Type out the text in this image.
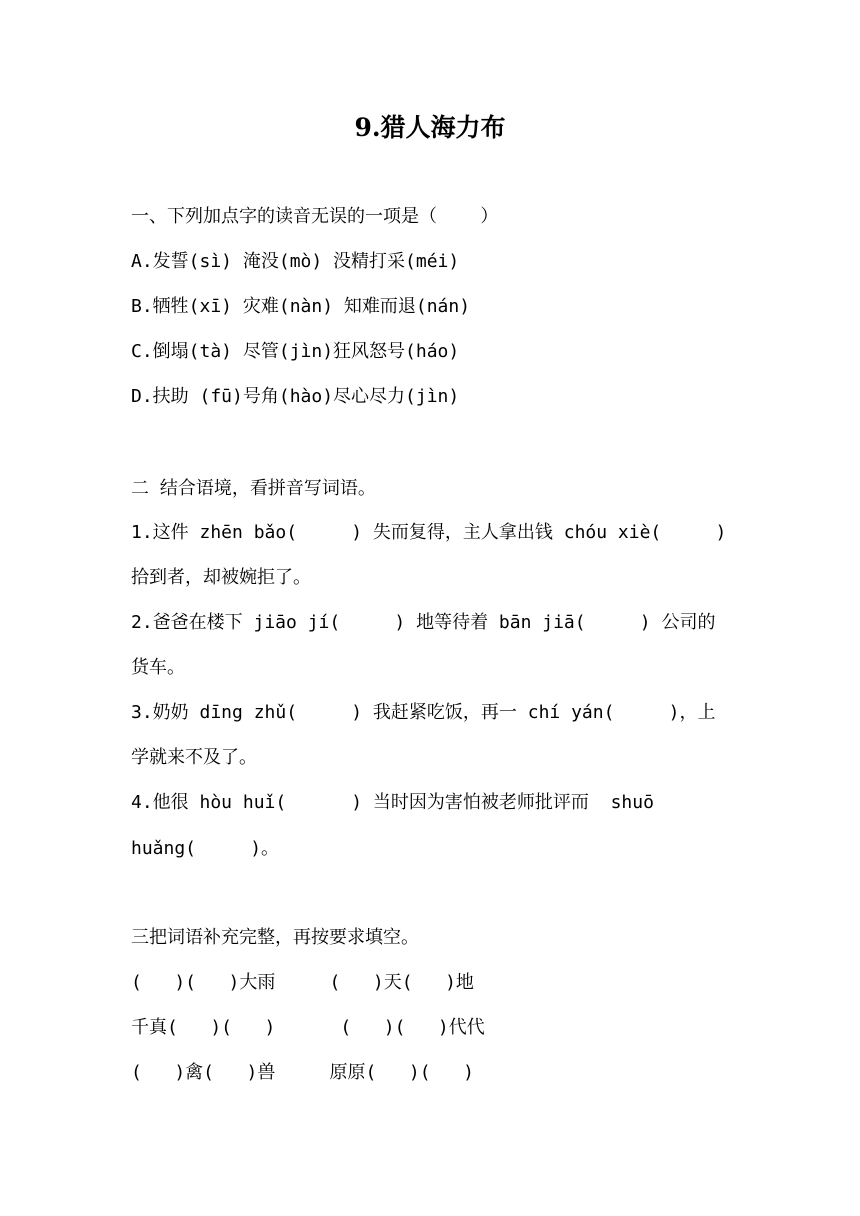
9.猎人海力布
一、下列加点字的读音无误的一项是（    ）
A.发誓(sì) 淹没(mò) 没精打采(méi)
B.牺牲(xī) 灾难(nàn) 知难而退(nán)
C.倒塌(tà) 尽管(jìn)狂风怒号(háo)
D.扶助 (fū)号角(hào)尽心尽力(jìn)
二 结合语境，看拼音写词语。
1.这件 zhēn bǎo(     ) 失而复得，主人拿出钱 chóu xiè(     )
拾到者，却被婉拒了。
2.爸爸在楼下 jiāo jí(     ) 地等待着 bān jiā(     ) 公司的
货车。
3.奶奶 dīng zhǔ(     ) 我赶紧吃饭，再一 chí yán(     )，上
学就来不及了。
4.他很 hòu huǐ(      ) 当时因为害怕被老师批评而  shuō
huǎng(     )。
三把词语补充完整，再按要求填空。
(   )(   )大雨     (   )天(   )地
千真(   )(   )      (   )(   )代代
(   )禽(   )兽     原原(   )(   )
